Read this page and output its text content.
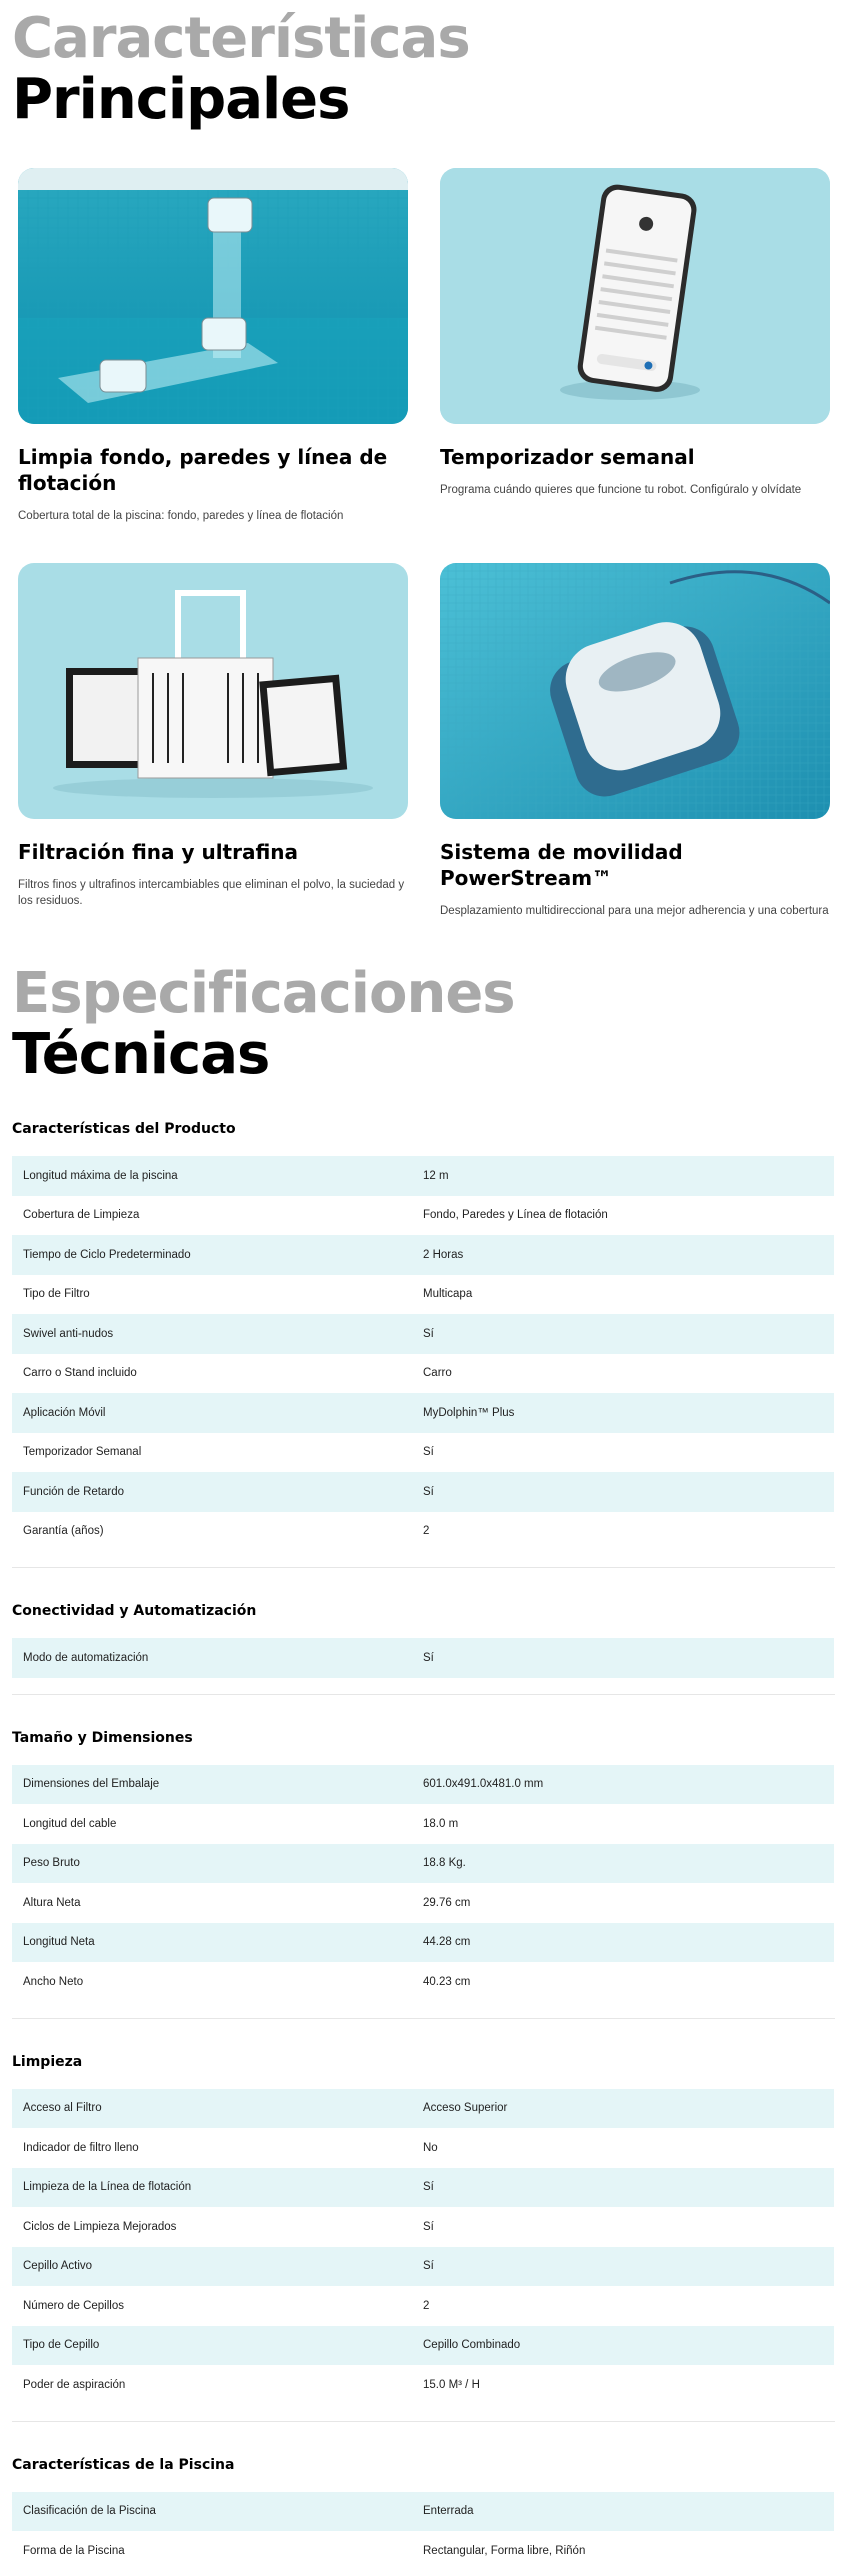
Características
Principales
Limpia fondo, paredes y línea de flotación

Cobertura total de la piscina: fondo, paredes y línea de flotación

Temporizador semanal

Programa cuándo quieres que funcione tu robot. Configúralo y olvídate

Filtración fina y ultrafina

Filtros finos y ultrafinos intercambiables que eliminan el polvo, la suciedad y los residuos.

Sistema de movilidad PowerStream™

Desplazamiento multidireccional para una mejor adherencia y una cobertura

Especificaciones
Técnicas
Características del Producto
Longitud máxima de la piscina	12 m
Cobertura de Limpieza	Fondo, Paredes y Línea de flotación
Tiempo de Ciclo Predeterminado	2 Horas
Tipo de Filtro	Multicapa
Swivel anti-nudos	Sí
Carro o Stand incluido	Carro
Aplicación Móvil	MyDolphin™ Plus
Temporizador Semanal	Sí
Función de Retardo	Sí
Garantía (años)	2
Conectividad y Automatización
Modo de automatización	Sí
Tamaño y Dimensiones
Dimensiones del Embalaje	601.0x491.0x481.0 mm
Longitud del cable	18.0 m
Peso Bruto	18.8 Kg.
Altura Neta	29.76 cm
Longitud Neta	44.28 cm
Ancho Neto	40.23 cm
Limpieza
Acceso al Filtro	Acceso Superior
Indicador de filtro lleno	No
Limpieza de la Línea de flotación	Sí
Ciclos de Limpieza Mejorados	Sí
Cepillo Activo	Sí
Número de Cepillos	2
Tipo de Cepillo	Cepillo Combinado
Poder de aspiración	15.0 M³ / H
Características de la Piscina
Clasificación de la Piscina	Enterrada
Forma de la Piscina	Rectangular, Forma libre, Riñón
